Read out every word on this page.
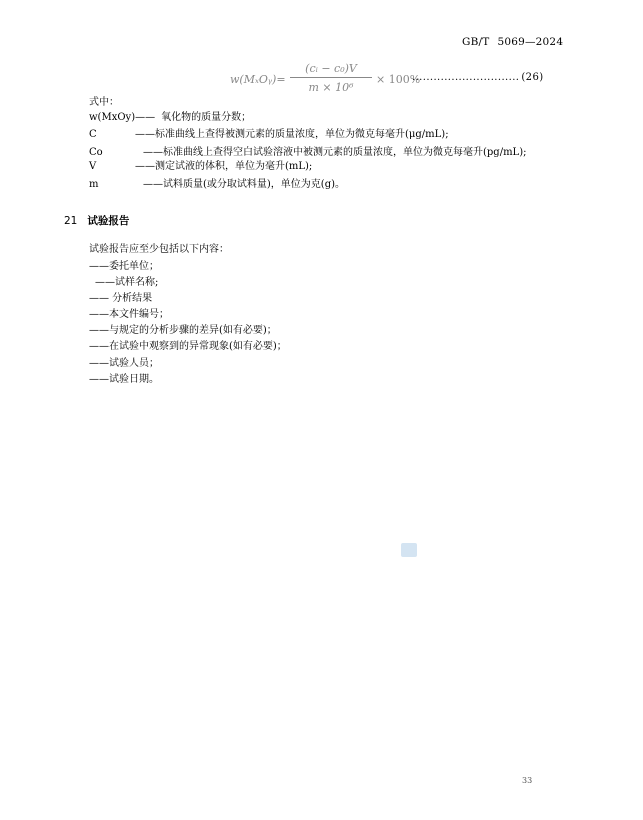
GB/T 5069—2024
w(MₓOᵧ)=
(cᵢ − c₀)V
m × 10⁶
× 100%
.............................. (26)
式中：
w(MxOy)—— 氧化物的质量分数；
C	——标准曲线上查得被测元素的质量浓度，单位为微克每毫升(μg/mL);
Co	——标准曲线上查得空白试验溶液中被测元素的质量浓度，单位为微克每毫升(pg/mL);
V	——测定试液的体积，单位为毫升(mL);
m	——试料质量(或分取试料量)，单位为克(g)。
21 试验报告
试验报告应至少包括以下内容：
——委托单位；
——试样名称;
—— 分析结果
——本文件编号；
——与规定的分析步骤的差异(如有必要)；
——在试验中观察到的异常现象(如有必要)；
——试验人员；
——试验日期。
33
